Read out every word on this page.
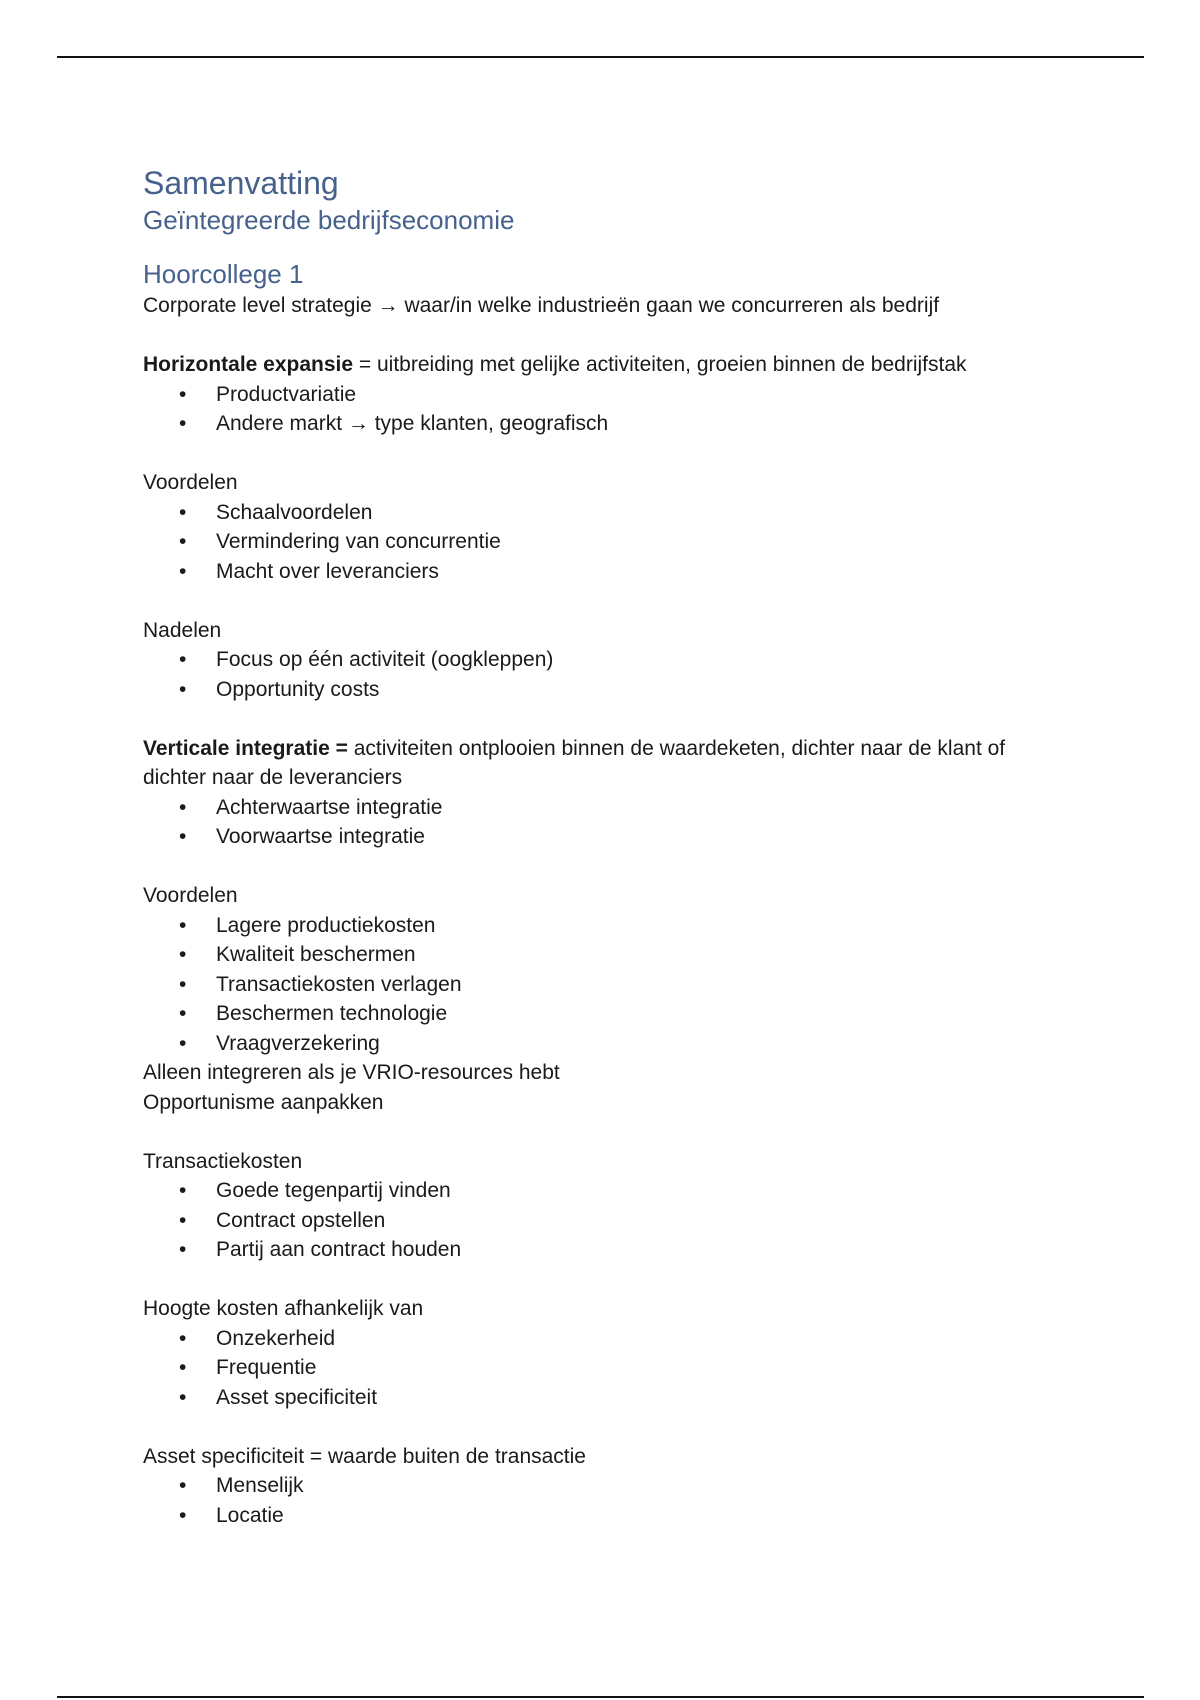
Samenvatting
Geïntegreerde bedrijfseconomie
Hoorcollege 1

Corporate level strategie → waar/in welke industrieën gaan we concurreren als bedrijf

Horizontale expansie = uitbreiding met gelijke activiteiten, groeien binnen de bedrijfstak

• Productvariatie
• Andere markt → type klanten, geografisch

Voordelen

• Schaalvoordelen
• Vermindering van concurrentie
• Macht over leveranciers

Nadelen

• Focus op één activiteit (oogkleppen)
• Opportunity costs

Verticale integratie = activiteiten ontplooien binnen de waardeketen, dichter naar de klant of dichter naar de leveranciers

• Achterwaartse integratie
• Voorwaartse integratie

Voordelen

• Lagere productiekosten
• Kwaliteit beschermen
• Transactiekosten verlagen
• Beschermen technologie
• Vraagverzekering

Alleen integreren als je VRIO-resources hebt

Opportunisme aanpakken

Transactiekosten

• Goede tegenpartij vinden
• Contract opstellen
• Partij aan contract houden

Hoogte kosten afhankelijk van

• Onzekerheid
• Frequentie
• Asset specificiteit

Asset specificiteit = waarde buiten de transactie

• Menselijk
• Locatie
